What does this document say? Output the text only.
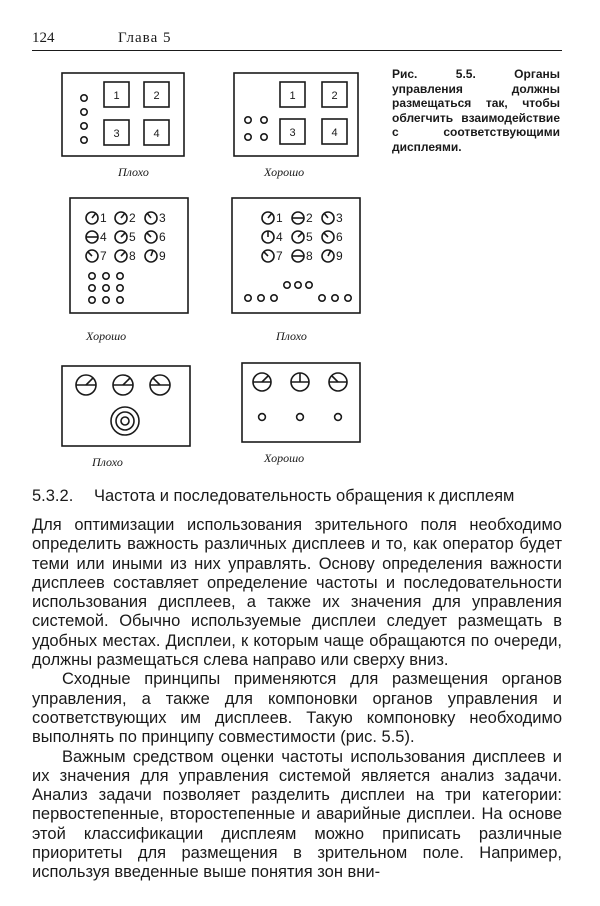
124	Глава 5
1	2
3	4
Плохо
1	2
3	4
Хорошо
1 2 3
4 5 6
7 8 9
Хорошо
1 2 3
4 5 6
7 8 9
Плохо
Плохо	Хорошо
Рис. 5.5. Органы управления должны размещаться так, чтобы облегчить взаимодействие с соответствующими дисплеями.
5.3.2. Частота и последовательность обращения к дисплеям

Для оптимизации использования зрительного поля необходимо определить важность различных дисплеев и то, как оператор будет теми или иными из них управлять. Основу определения важности дисплеев составляет определение частоты и последовательности использования дисплеев, а также их значения для управления системой. Обычно используемые дисплеи следует размещать в удобных местах. Дисплеи, к которым чаще обращаются по очереди, должны размещаться слева направо или сверху вниз.

Сходные принципы применяются для размещения органов управления, а также для компоновки органов управления и соответствующих им дисплеев. Такую компоновку необходимо выполнять по принципу совместимости (рис. 5.5).

Важным средством оценки частоты использования дисплеев и их значения для управления системой является анализ задачи. Анализ задачи позволяет разделить дисплеи на три категории: первостепенные, второстепенные и аварийные дисплеи. На основе этой классификации дисплеям можно приписать различные приоритеты для размещения в зрительном поле. Например, используя введенные выше понятия зон вни-
